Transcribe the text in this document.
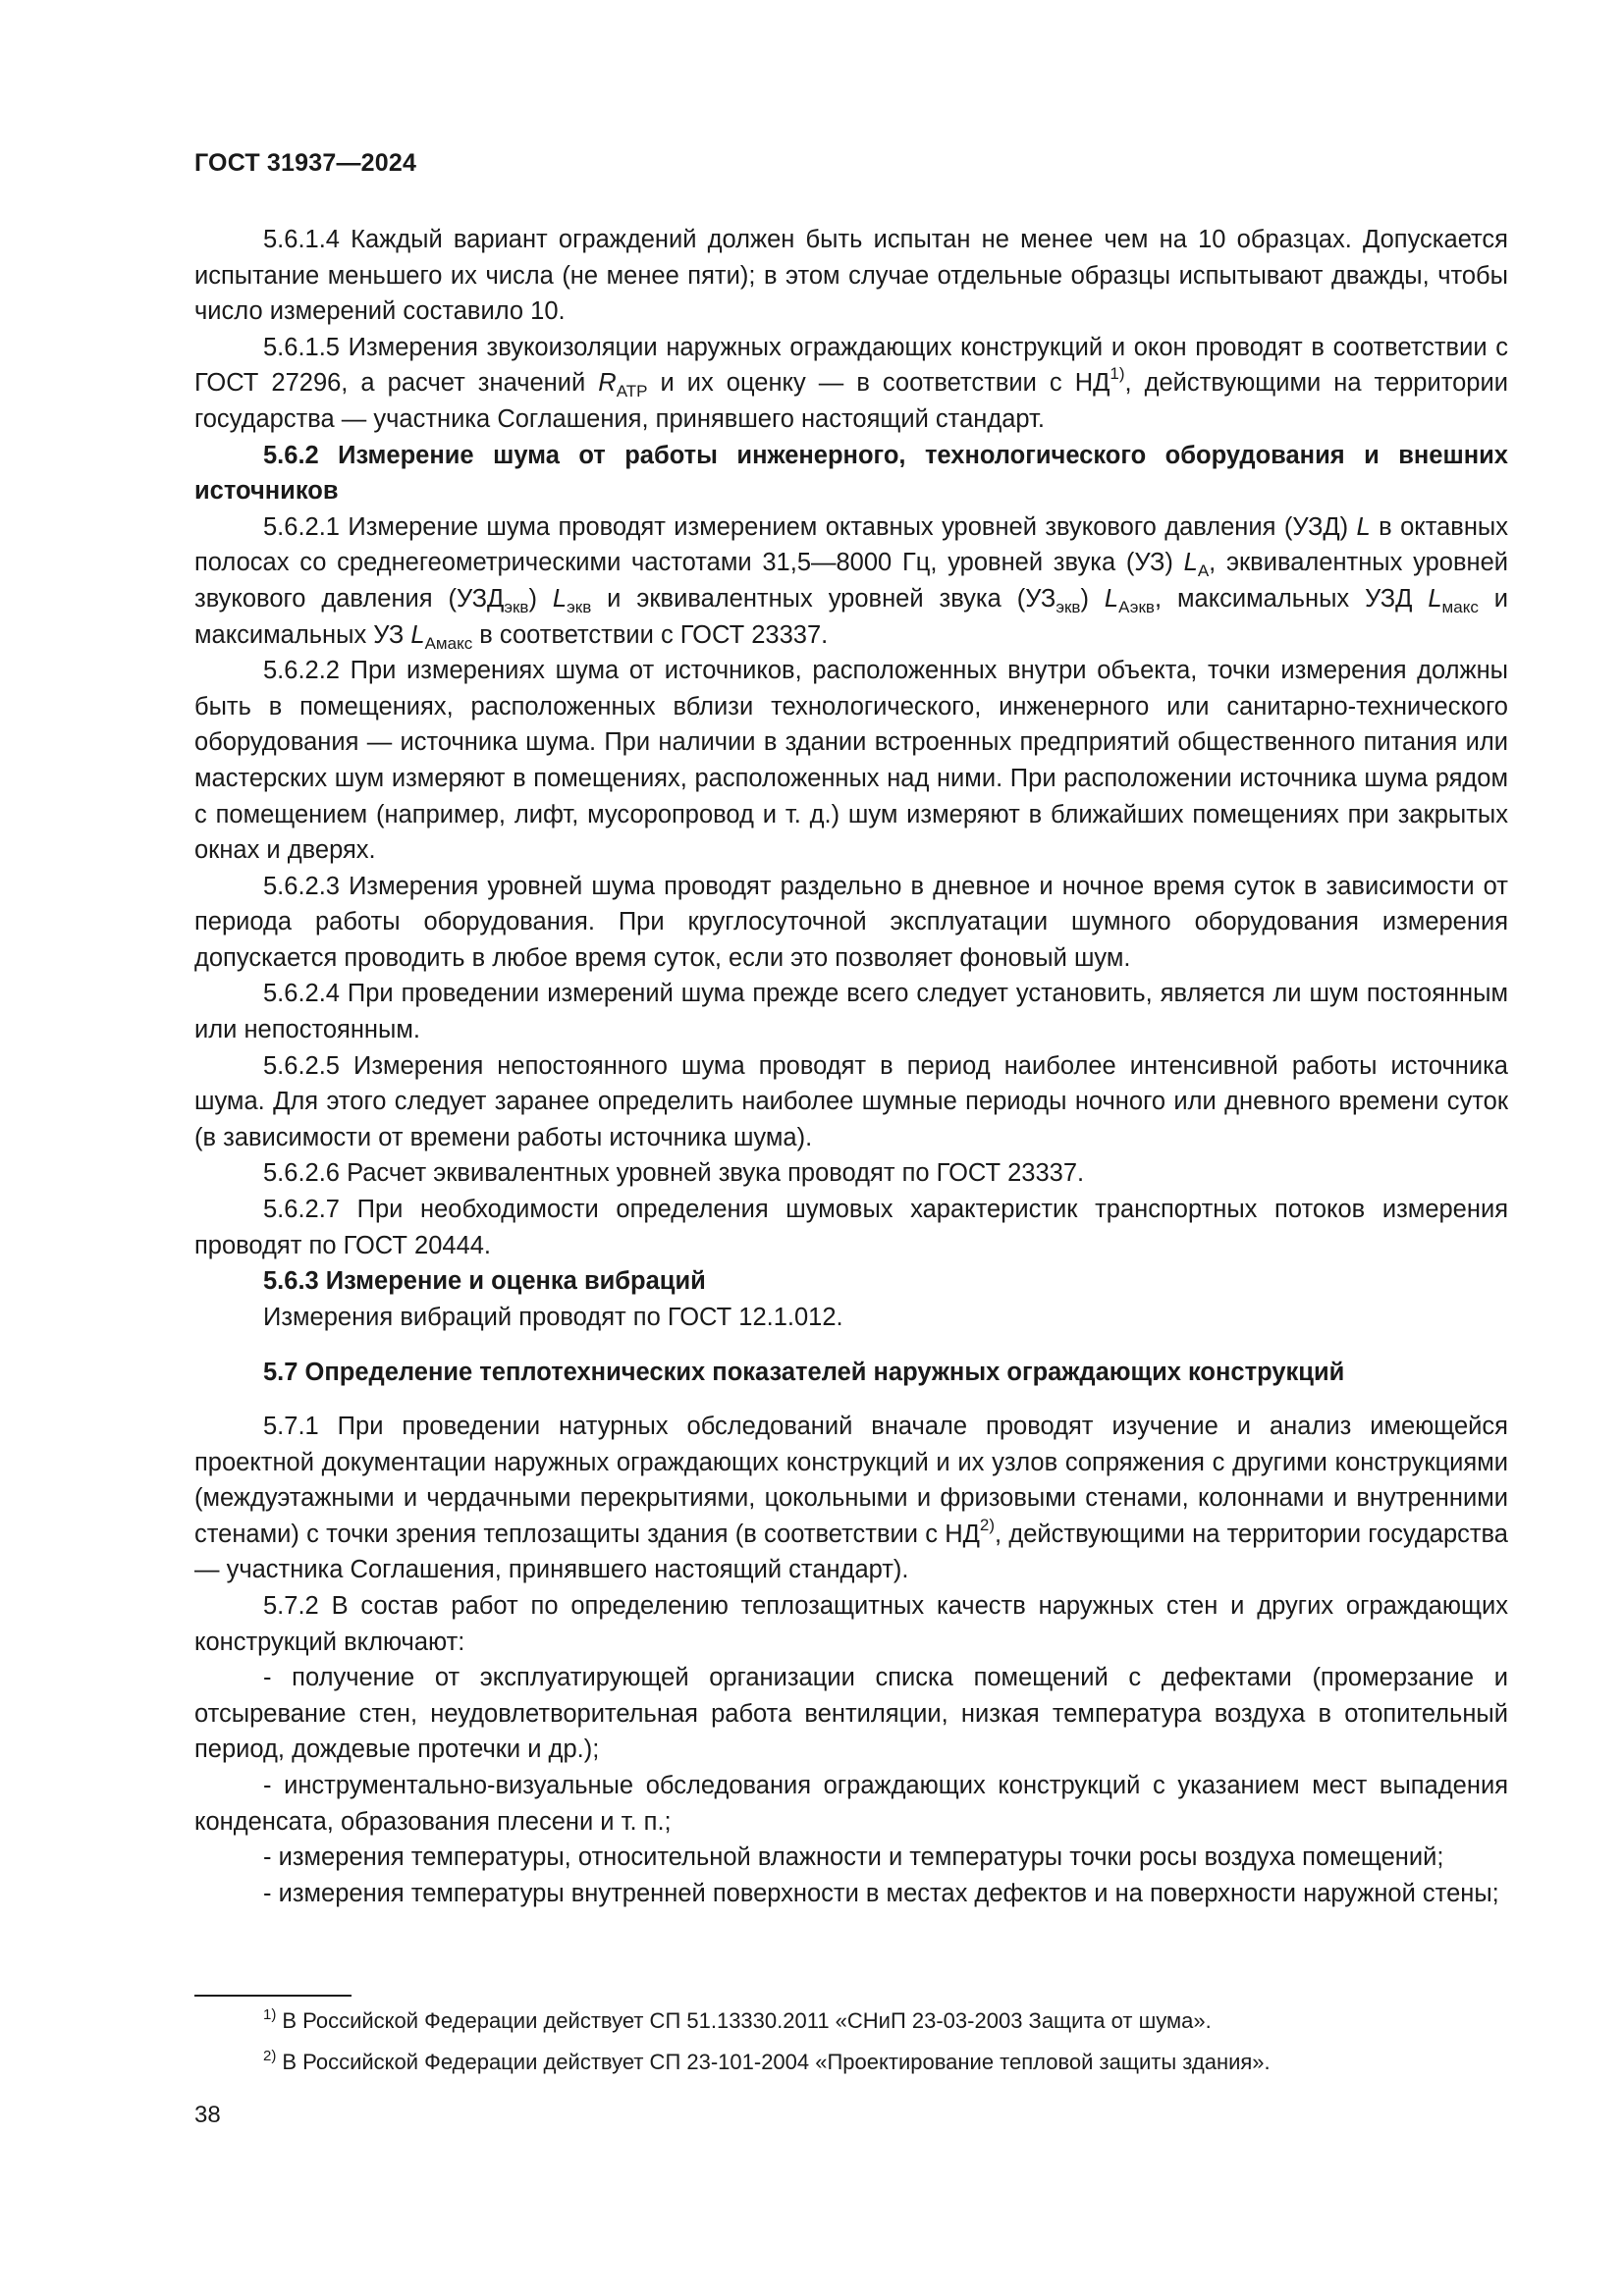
ГОСТ 31937—2024

5.6.1.4 Каждый вариант ограждений должен быть испытан не менее чем на 10 образцах. Допускается испытание меньшего их числа (не менее пяти); в этом случае отдельные образцы испытывают дважды, чтобы число измерений составило 10.

5.6.1.5 Измерения звукоизоляции наружных ограждающих конструкций и окон проводят в соответствии с ГОСТ 27296, а расчет значений $R_{АТР}$ и их оценку — в соответствии с НД$^{1)}$, действующими на территории государства — участника Соглашения, принявшего настоящий стандарт.

5.6.2 Измерение шума от работы инженерного, технологического оборудования и внешних источников

5.6.2.1 Измерение шума проводят измерением октавных уровней звукового давления (УЗД) L в октавных полосах со среднегеометрическими частотами 31,5—8000 Гц, уровней звука (УЗ) $L_А$, эквивалентных уровней звукового давления $(УЗД_{экв})$ $L_{экв}$ и эквивалентных уровней звука $(УЗ_{экв})$ $L_{Аэкв}$, максимальных УЗД $L_{макс}$ и максимальных УЗ $L_{Амакс}$ в соответствии с ГОСТ 23337.

5.6.2.2 При измерениях шума от источников, расположенных внутри объекта, точки измерения должны быть в помещениях, расположенных вблизи технологического, инженерного или санитарно-технического оборудования — источника шума. При наличии в здании встроенных предприятий общественного питания или мастерских шум измеряют в помещениях, расположенных над ними. При расположении источника шума рядом с помещением (например, лифт, мусоропровод и т. д.) шум измеряют в ближайших помещениях при закрытых окнах и дверях.

5.6.2.3 Измерения уровней шума проводят раздельно в дневное и ночное время суток в зависимости от периода работы оборудования. При круглосуточной эксплуатации шумного оборудования измерения допускается проводить в любое время суток, если это позволяет фоновый шум.

5.6.2.4 При проведении измерений шума прежде всего следует установить, является ли шум постоянным или непостоянным.

5.6.2.5 Измерения непостоянного шума проводят в период наиболее интенсивной работы источника шума. Для этого следует заранее определить наиболее шумные периоды ночного или дневного времени суток (в зависимости от времени работы источника шума).

5.6.2.6 Расчет эквивалентных уровней звука проводят по ГОСТ 23337.

5.6.2.7 При необходимости определения шумовых характеристик транспортных потоков измерения проводят по ГОСТ 20444.

5.6.3 Измерение и оценка вибраций

Измерения вибраций проводят по ГОСТ 12.1.012.

5.7 Определение теплотехнических показателей наружных ограждающих конструкций

5.7.1 При проведении натурных обследований вначале проводят изучение и анализ имеющейся проектной документации наружных ограждающих конструкций и их узлов сопряжения с другими конструкциями (междуэтажными и чердачными перекрытиями, цокольными и фризовыми стенами, колоннами и внутренними стенами) с точки зрения теплозащиты здания (в соответствии с НД$^{2)}$, действующими на территории государства — участника Соглашения, принявшего настоящий стандарт).

5.7.2 В состав работ по определению теплозащитных качеств наружных стен и других ограждающих конструкций включают:

- получение от эксплуатирующей организации списка помещений с дефектами (промерзание и отсыревание стен, неудовлетворительная работа вентиляции, низкая температура воздуха в отопительный период, дождевые протечки и др.);

- инструментально-визуальные обследования ограждающих конструкций с указанием мест выпадения конденсата, образования плесени и т. п.;

- измерения температуры, относительной влажности и температуры точки росы воздуха помещений;

- измерения температуры внутренней поверхности в местах дефектов и на поверхности наружной стены;

$^{1)}$ В Российской Федерации действует СП 51.13330.2011 «СНиП 23-03-2003 Защита от шума».

$^{2)}$ В Российской Федерации действует СП 23-101-2004 «Проектирование тепловой защиты здания».

38
